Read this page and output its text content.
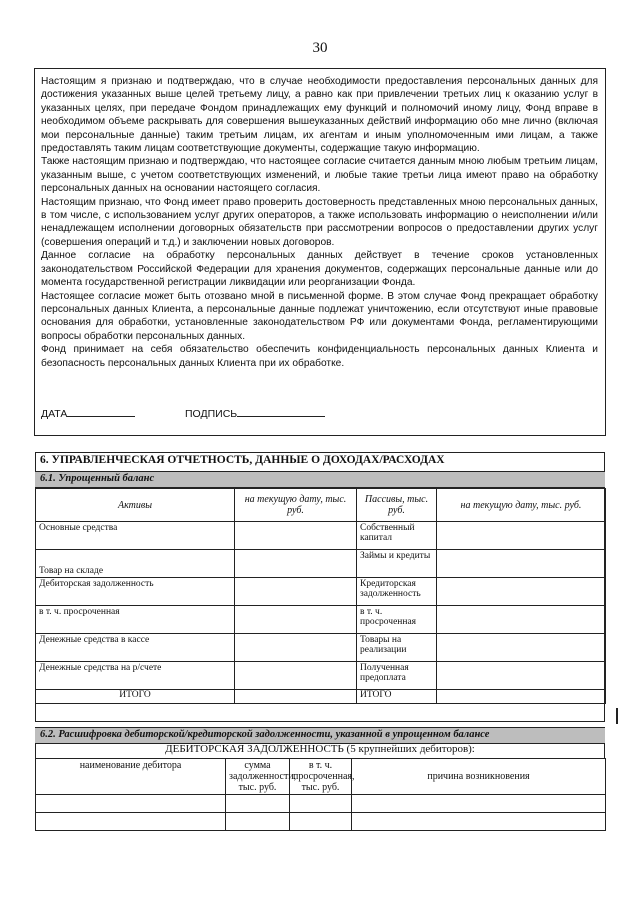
30

Настоящим я признаю и подтверждаю, что в случае необходимости предоставления персональных данных для достижения указанных выше целей третьему лицу, а равно как при привлечении третьих лиц к оказанию услуг в указанных целях, при передаче Фондом принадлежащих ему функций и полномочий иному лицу, Фонд вправе в необходимом объеме раскрывать для совершения вышеуказанных действий информацию обо мне лично (включая мои персональные данные) таким третьим лицам, их агентам и иным уполномоченным ими лицам, а также предоставлять таким лицам соответствующие документы, содержащие такую информацию.

Также настоящим признаю и подтверждаю, что настоящее согласие считается данным мною любым третьим лицам, указанным выше, с учетом соответствующих изменений, и любые такие третьи лица имеют право на обработку персональных данных на основании настоящего согласия.

Настоящим признаю, что Фонд имеет право проверить достоверность представленных мною персональных данных, в том числе, с использованием услуг других операторов, а также использовать информацию о неисполнении и/или ненадлежащем исполнении договорных обязательств при рассмотрении вопросов о предоставлении других услуг (совершения операций и т.д.) и заключении новых договоров.

Данное согласие на обработку персональных данных действует в течение сроков установленных законодательством Российской Федерации для хранения документов, содержащих персональные данные или до момента государственной регистрации ликвидации или реорганизации Фонда.

Настоящее согласие может быть отозвано мной в письменной форме. В этом случае Фонд прекращает обработку персональных данных Клиента, а персональные данные подлежат уничтожению, если отсутствуют иные правовые основания для обработки, установленные законодательством РФ или документами Фонда, регламентирующими вопросы обработки персональных данных.

Фонд принимает на себя обязательство обеспечить конфиденциальность персональных данных Клиента и безопасность персональных данных Клиента при их обработке.

ДАТА	ПОДПИСЬ
6. УПРАВЛЕНЧЕСКАЯ ОТЧЕТНОСТЬ, ДАННЫЕ О ДОХОДАХ/РАСХОДАХ
6.1. Упрощенный баланс
Активы	на текущую дату, тыс. руб.	Пассивы, тыс. руб.	на текущую дату, тыс. руб.
Основные средства		Собственный капитал	
Товар на складе		Займы и кредиты	
Дебиторская задолженность		Кредиторская задолженность	
в т. ч. просроченная		в т. ч. просроченная	
Денежные средства в кассе		Товары на реализации	
Денежные средства на р/счете		Полученная предоплата	
ИТОГО		ИТОГО	
6.2. Расшифровка дебиторской/кредиторской задолженности, указанной в упрощенном балансе
ДЕБИТОРСКАЯ ЗАДОЛЖЕННОСТЬ (5 крупнейших дебиторов):
наименование дебитора	сумма задолженности, тыс. руб.	в т. ч. просроченная, тыс. руб.	причина возникновения
